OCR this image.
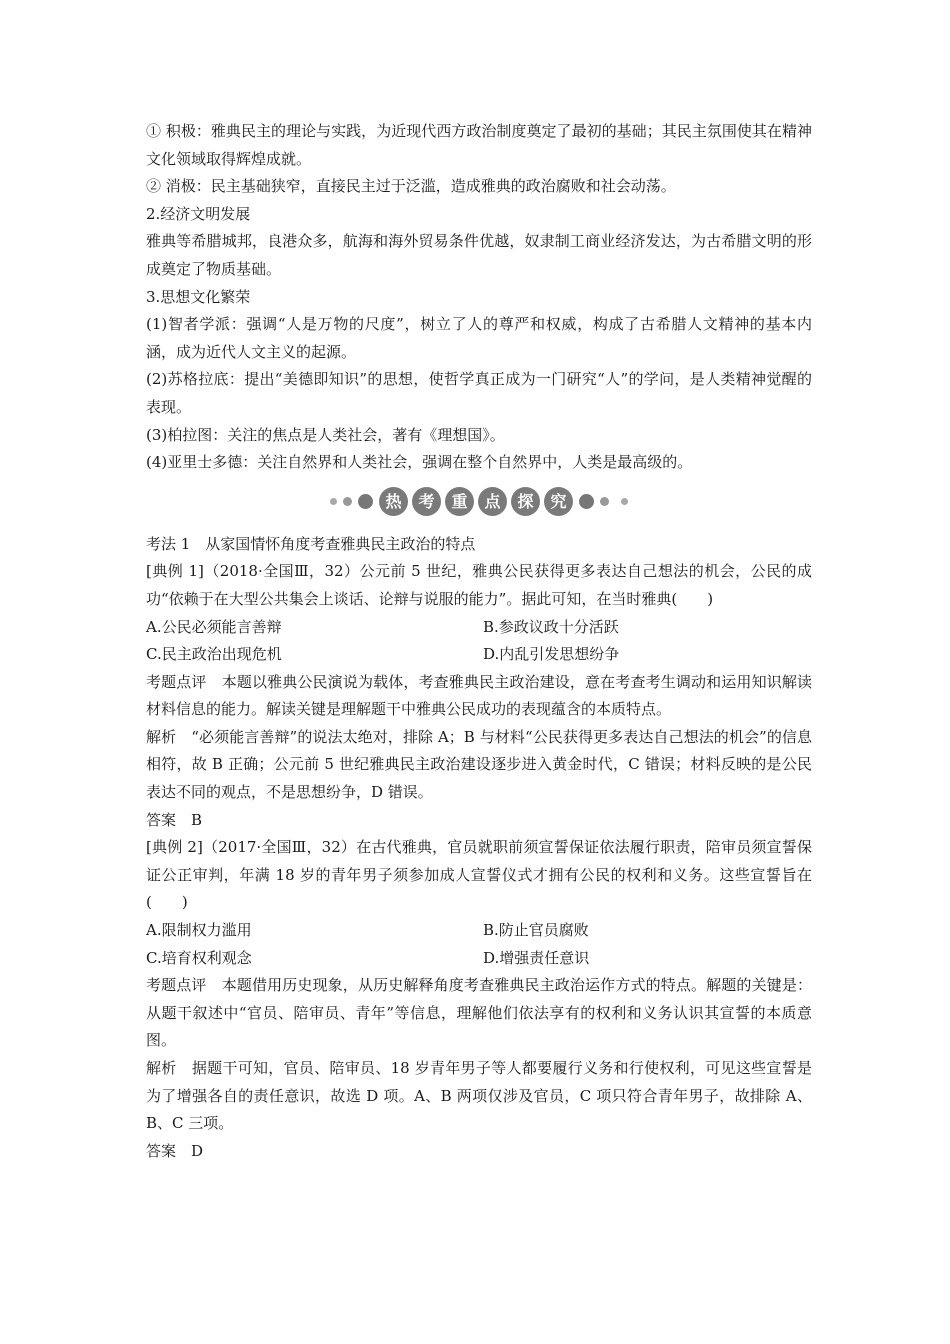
① 积极：雅典民主的理论与实践，为近现代西方政治制度奠定了最初的基础；其民主氛围使其在精神文化领域取得辉煌成就。

② 消极：民主基础狭窄，直接民主过于泛滥，造成雅典的政治腐败和社会动荡。

2.经济文明发展

雅典等希腊城邦，良港众多，航海和海外贸易条件优越，奴隶制工商业经济发达，为古希腊文明的形成奠定了物质基础。

3.思想文化繁荣

(1)智者学派：强调“人是万物的尺度”，树立了人的尊严和权威，构成了古希腊人文精神的基本内涵，成为近代人文主义的起源。

(2)苏格拉底：提出“美德即知识”的思想，使哲学真正成为一门研究“人”的学问，是人类精神觉醒的表现。

(3)柏拉图：关注的焦点是人类社会，著有《理想国》。

(4)亚里士多德：关注自然界和人类社会，强调在整个自然界中，人类是最高级的。

热	考	重	点	探	究

考法 1　从家国情怀角度考查雅典民主政治的特点

[典例 1]（2018·全国Ⅲ，32）公元前 5 世纪，雅典公民获得更多表达自己想法的机会，公民的成功“依赖于在大型公共集会上谈话、论辩与说服的能力”。据此可知，在当时雅典(　　)

A.公民必须能言善辩	B.参政议政十分活跃
C.民主政治出现危机	D.内乱引发思想纷争

考题点评　本题以雅典公民演说为载体，考查雅典民主政治建设，意在考查考生调动和运用知识解读材料信息的能力。解读关键是理解题干中雅典公民成功的表现蕴含的本质特点。

解析　“必须能言善辩”的说法太绝对，排除 A；B 与材料“公民获得更多表达自己想法的机会”的信息相符，故 B 正确；公元前 5 世纪雅典民主政治建设逐步进入黄金时代，C 错误；材料反映的是公民表达不同的观点，不是思想纷争，D 错误。

答案　B

[典例 2]（2017·全国Ⅲ，32）在古代雅典，官员就职前须宣誓保证依法履行职责，陪审员须宣誓保证公正审判，年满 18 岁的青年男子须参加成人宣誓仪式才拥有公民的权利和义务。这些宣誓旨在(　　)

A.限制权力滥用	B.防止官员腐败
C.培育权利观念	D.增强责任意识

考题点评　本题借用历史现象，从历史解释角度考查雅典民主政治运作方式的特点。解题的关键是：从题干叙述中“官员、陪审员、青年”等信息，理解他们依法享有的权利和义务认识其宣誓的本质意图。

解析　据题干可知，官员、陪审员、18 岁青年男子等人都要履行义务和行使权利，可见这些宣誓是为了增强各自的责任意识，故选 D 项。A、B 两项仅涉及官员，C 项只符合青年男子，故排除 A、B、C 三项。

答案　D
